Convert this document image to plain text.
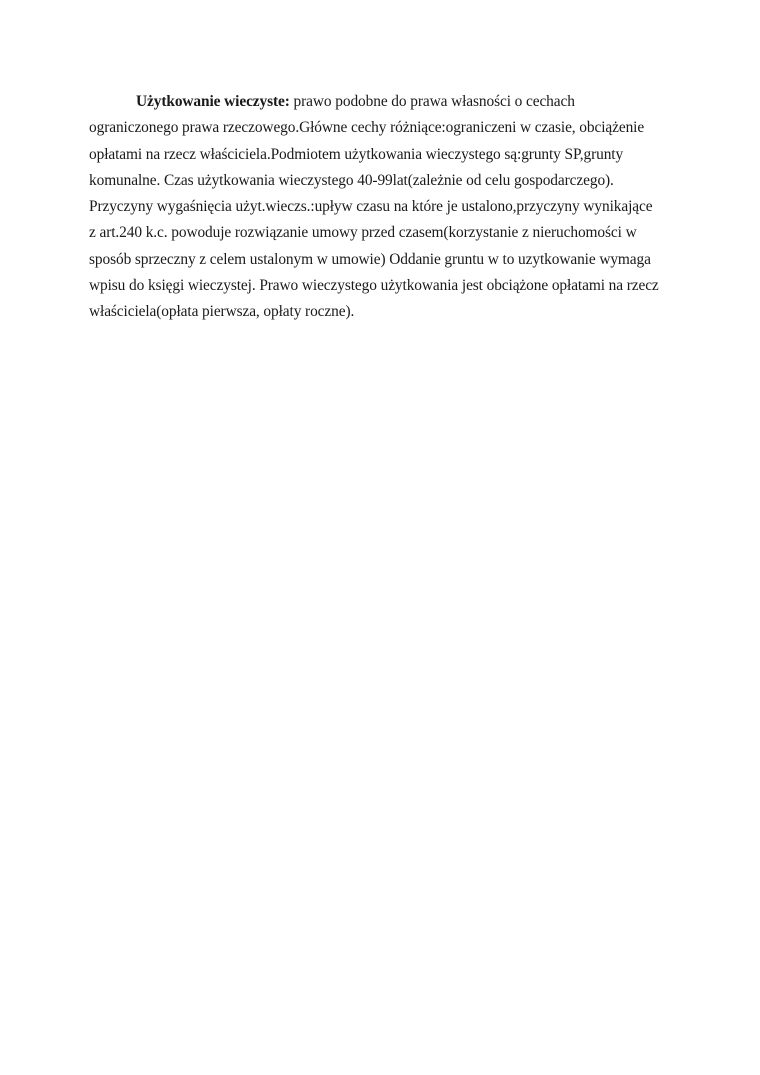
Użytkowanie wieczyste: prawo podobne do prawa własności o cechach
ograniczonego prawa rzeczowego.Główne cechy różniące:ograniczeni w czasie, obciążenie
opłatami na rzecz właściciela.Podmiotem użytkowania wieczystego są:grunty SP,grunty
komunalne. Czas użytkowania wieczystego 40-99lat(zależnie od celu gospodarczego).
Przyczyny wygaśnięcia użyt.wieczs.:upływ czasu na które je ustalono,przyczyny wynikające
z art.240 k.c. powoduje rozwiązanie umowy przed czasem(korzystanie z nieruchomości w
sposób sprzeczny z celem ustalonym w umowie) Oddanie gruntu w to uzytkowanie wymaga
wpisu do księgi wieczystej. Prawo wieczystego użytkowania jest obciążone opłatami na rzecz
właściciela(opłata pierwsza, opłaty roczne).
